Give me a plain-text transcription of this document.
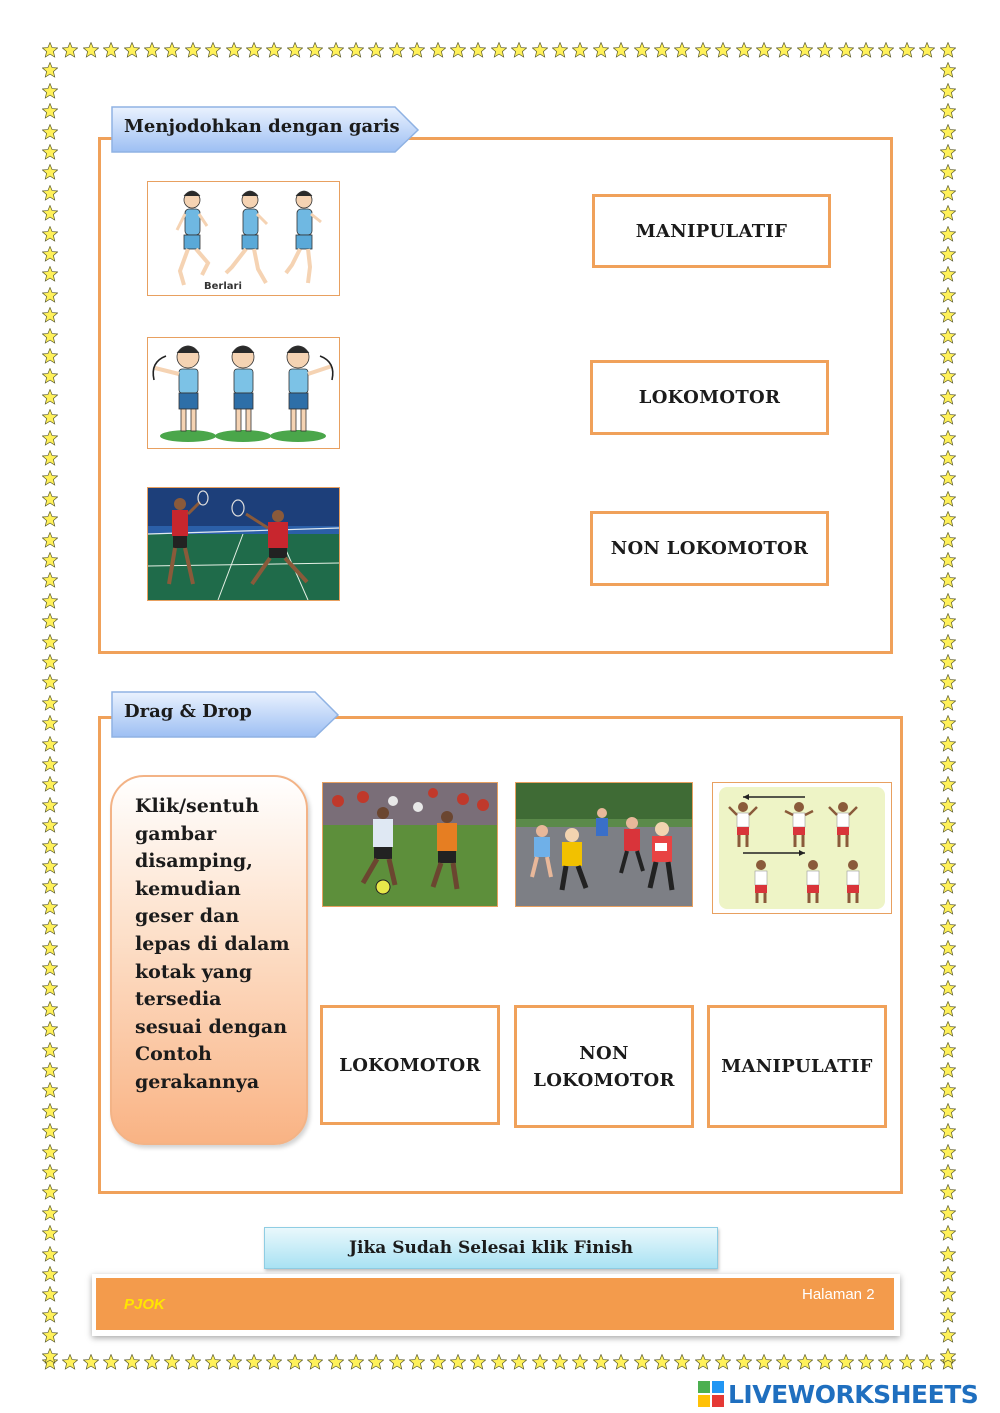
Menjodohkan dengan garis
Berlari
MANIPULATIF
LOKOMOTOR
NON LOKOMOTOR
Drag & Drop
Klik/sentuh gambar disamping, kemudian geser dan lepas di dalam kotak yang tersedia sesuai dengan Contoh gerakannya
LOKOMOTOR
NON LOKOMOTOR
MANIPULATIF
Jika Sudah Selesai klik Finish
PJOK
Halaman 2
LIVEWORKSHEETS
